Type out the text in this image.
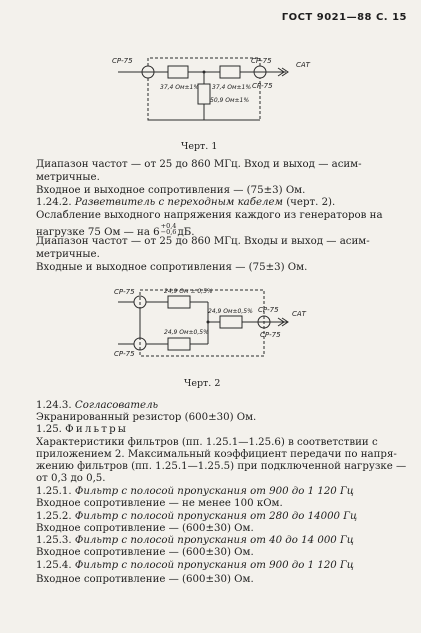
ГОСТ 9021—88 С. 15
СР-75	СР-75
СР-75
САТ
37,4 Ом±1% 37,4 Ом±1%
50,9 Ом±1%
Черт. 1
Диапазон частот — от 25 до 860 МГц. Вход и выход — асим-
метричные.
Входное и выходное сопротивления — (75±3) Ом.
1.24.2. Разветвитель с переходным кабелем (черт. 2).
Ослабление выходного напряжения каждого из генераторов на
нагрузке 75 Ом — на 6
+0,4
−0,6 дБ.
Диапазон частот — от 25 до 860 МГц. Входы и выход — асим-
метричные.
Входные и выходное сопротивления — (75±3) Ом.
СР-75
СР-75
СР-75
СР-75
САТ
24,9 Ом ± 0,5%
24,9 Ом±0,5%
24,9 Ом±0,5%
Черт. 2
1.24.3. Согласователь
Экранированный резистор (600±30) Ом.
1.25. Фильтры
Характеристики фильтров (пп. 1.25.1—1.25.6) в соответствии с
приложением 2. Максимальный коэффициент передачи по напря-
жению фильтров (пп. 1.25.1—1.25.5) при подключенной нагрузке —
от 0,3 до 0,5.
1.25.1. Фильтр с полосой пропускания от 900 до 1 120 Гц
Входное сопротивление — не менее 100 кОм.
1.25.2. Фильтр с полосой пропускания от 280 до 14000 Гц
Входное сопротивление — (600±30) Ом.
1.25.3. Фильтр с полосой пропускания от 40 до 14 000 Гц
Входное сопротивление — (600±30) Ом.
1.25.4. Фильтр с полосой пропускания от 900 до 1 120 Гц
Входное сопротивление — (600±30) Ом.
